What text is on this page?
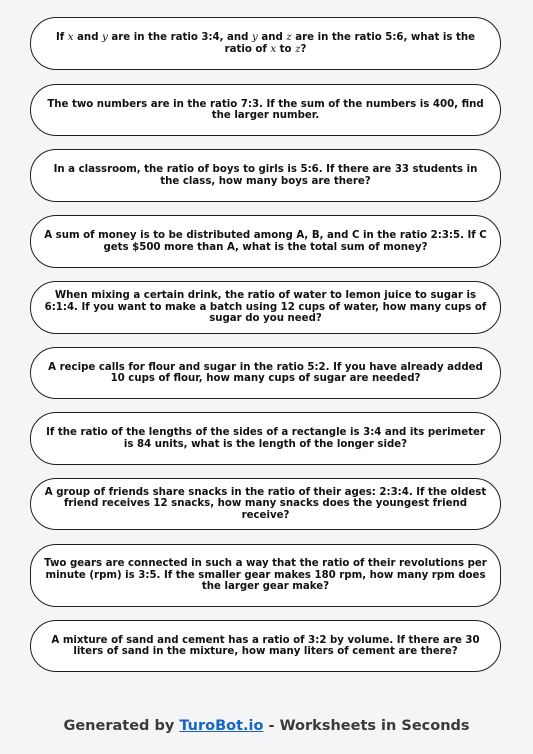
If x and y are in the ratio 3:4, and y and z are in the ratio 5:6, what is the ratio of x to z?
The two numbers are in the ratio 7:3. If the sum of the numbers is 400, find the larger number.
In a classroom, the ratio of boys to girls is 5:6. If there are 33 students in the class, how many boys are there?
A sum of money is to be distributed among A, B, and C in the ratio 2:3:5. If C gets $500 more than A, what is the total sum of money?
When mixing a certain drink, the ratio of water to lemon juice to sugar is 6:1:4. If you want to make a batch using 12 cups of water, how many cups of sugar do you need?
A recipe calls for flour and sugar in the ratio 5:2. If you have already added 10 cups of flour, how many cups of sugar are needed?
If the ratio of the lengths of the sides of a rectangle is 3:4 and its perimeter is 84 units, what is the length of the longer side?
A group of friends share snacks in the ratio of their ages: 2:3:4. If the oldest friend receives 12 snacks, how many snacks does the youngest friend receive?
Two gears are connected in such a way that the ratio of their revolutions per minute (rpm) is 3:5. If the smaller gear makes 180 rpm, how many rpm does the larger gear make?
A mixture of sand and cement has a ratio of 3:2 by volume. If there are 30 liters of sand in the mixture, how many liters of cement are there?
Generated by TuroBot.io - Worksheets in Seconds
